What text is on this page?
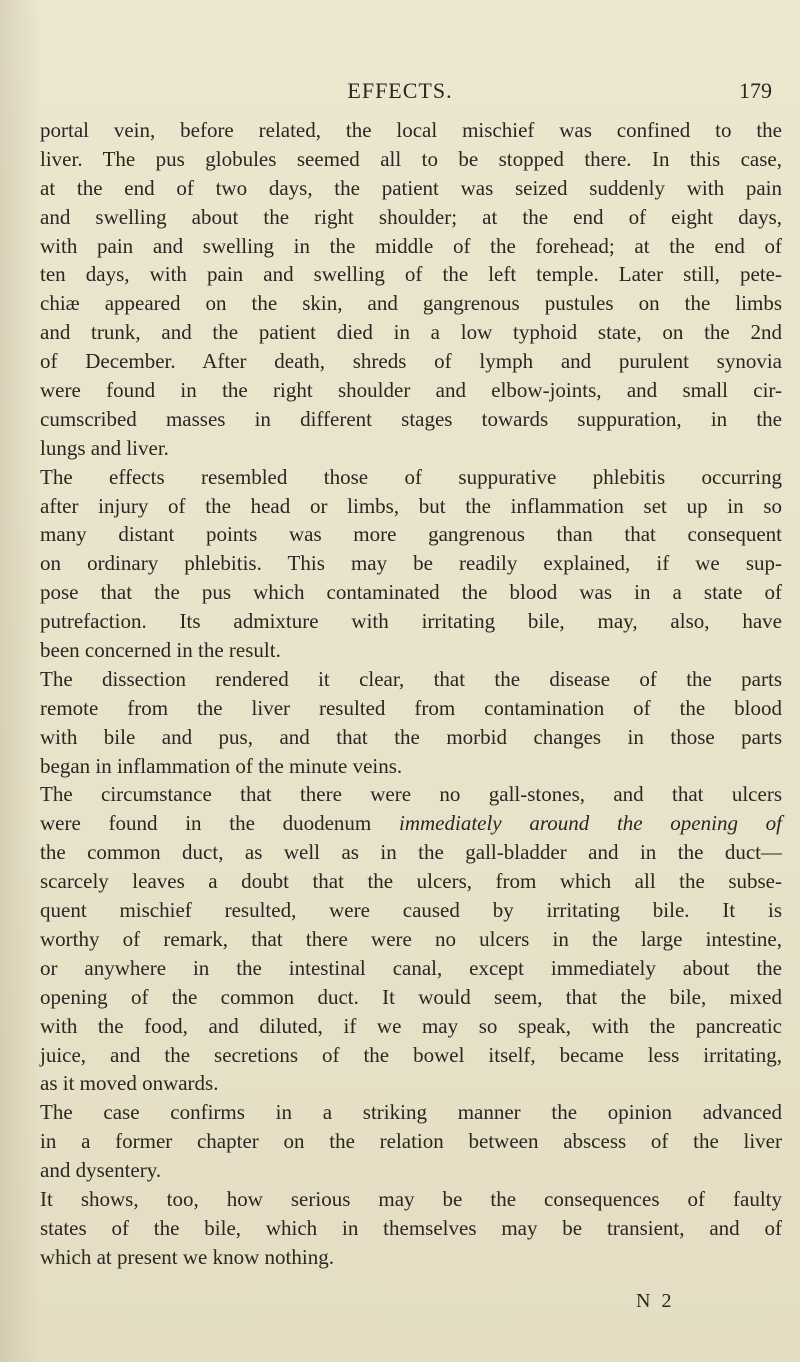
EFFECTS.	179
portal vein, before related, the local mischief was confined to the
liver. The pus globules seemed all to be stopped there. In this case,
at the end of two days, the patient was seized suddenly with pain
and swelling about the right shoulder; at the end of eight days,
with pain and swelling in the middle of the forehead; at the end of
ten days, with pain and swelling of the left temple. Later still, pete-
chiæ appeared on the skin, and gangrenous pustules on the limbs
and trunk, and the patient died in a low typhoid state, on the 2nd
of December. After death, shreds of lymph and purulent synovia
were found in the right shoulder and elbow-joints, and small cir-
cumscribed masses in different stages towards suppuration, in the
lungs and liver.
The effects resembled those of suppurative phlebitis occurring
after injury of the head or limbs, but the inflammation set up in so
many distant points was more gangrenous than that consequent
on ordinary phlebitis. This may be readily explained, if we sup-
pose that the pus which contaminated the blood was in a state of
putrefaction. Its admixture with irritating bile, may, also, have
been concerned in the result.
The dissection rendered it clear, that the disease of the parts
remote from the liver resulted from contamination of the blood
with bile and pus, and that the morbid changes in those parts
began in inflammation of the minute veins.
The circumstance that there were no gall-stones, and that ulcers
were found in the duodenum immediately around the opening of
the common duct, as well as in the gall-bladder and in the duct—
scarcely leaves a doubt that the ulcers, from which all the subse-
quent mischief resulted, were caused by irritating bile. It is
worthy of remark, that there were no ulcers in the large intestine,
or anywhere in the intestinal canal, except immediately about the
opening of the common duct. It would seem, that the bile, mixed
with the food, and diluted, if we may so speak, with the pancreatic
juice, and the secretions of the bowel itself, became less irritating,
as it moved onwards.
The case confirms in a striking manner the opinion advanced
in a former chapter on the relation between abscess of the liver
and dysentery.
It shows, too, how serious may be the consequences of faulty
states of the bile, which in themselves may be transient, and of
which at present we know nothing.
N 2
